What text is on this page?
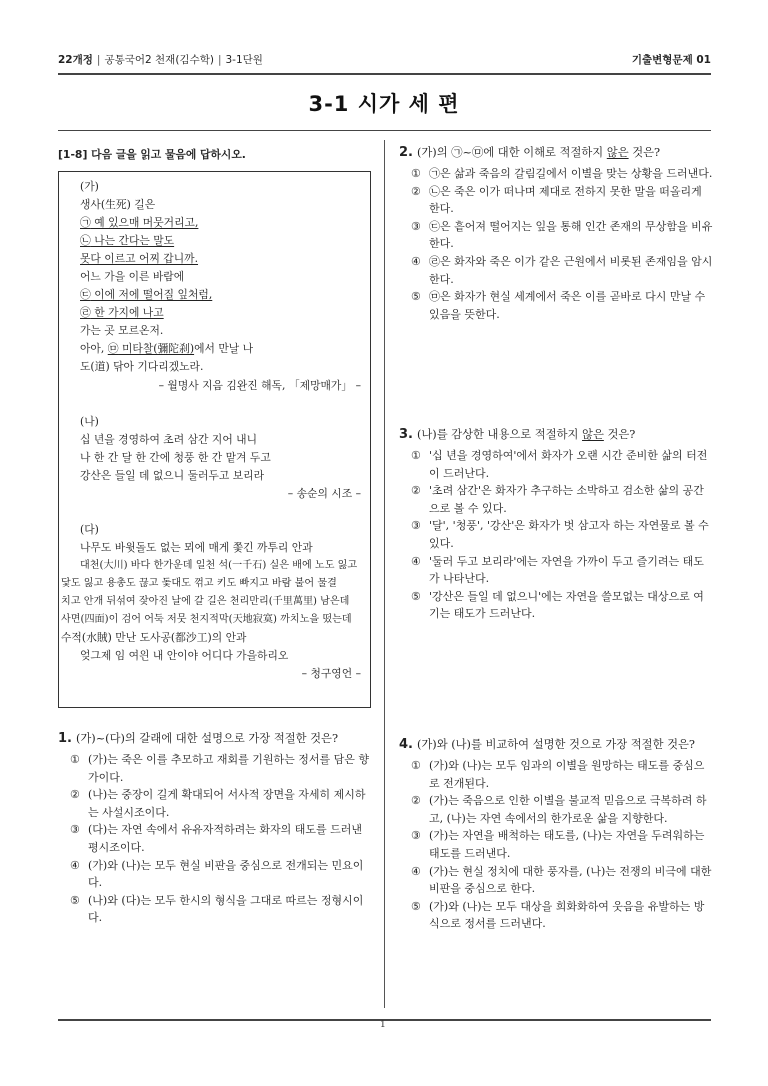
22개정 | 공통국어2 천재(김수학) | 3-1단원	기출변형문제 01
3-1 시가 세 편
[1-8] 다음 글을 읽고 물음에 답하시오.
(가)
생사(生死) 길은
㉠ 예 있으매 머뭇거리고,
㉡ 나는 간다는 말도
못다 이르고 어찌 갑니까.
어느 가을 이른 바람에
㉢ 이에 저에 떨어질 잎처럼,
㉣ 한 가지에 나고
가는 곳 모르온저.
아아, ㉤ 미타찰(彌陀刹)에서 만날 나
도(道) 닦아 기다리겠노라.
– 월명사 지음 김완진 해독, 「제망매가」 –
(나)
십 년을 경영하여 초려 삼간 지어 내니
나 한 간 달 한 간에 청풍 한 간 맡겨 두고
강산은 들일 데 없으니 둘러두고 보리라
– 송순의 시조 –
(다)
나무도 바윗돌도 없는 뫼에 매게 쫓긴 까투리 안과
대천(大川) 바다 한가운데 일천 석(一千石) 실은 배에 노도 잃고
닻도 잃고 용총도 끊고 돛대도 꺾고 키도 빠지고 바람 불어 물결
치고 안개 뒤섞여 잦아진 날에 갈 길은 천리만리(千里萬里) 남은데
사면(四面)이 검어 어둑 저뭇 천지적막(天地寂寞) 까치노을 떴는데
수적(水賊) 만난 도사공(都沙工)의 안과
엊그제 임 여읜 내 안이야 어디다 가을하리오
– 청구영언 –
1. (가)~(다)의 갈래에 대한 설명으로 가장 적절한 것은?
① (가)는 죽은 이를 추모하고 재회를 기원하는 정서를 담은 향가이다.
② (나)는 중장이 길게 확대되어 서사적 장면을 자세히 제시하는 사설시조이다.
③ (다)는 자연 속에서 유유자적하려는 화자의 태도를 드러낸 평시조이다.
④ (가)와 (나)는 모두 현실 비판을 중심으로 전개되는 민요이다.
⑤ (나)와 (다)는 모두 한시의 형식을 그대로 따르는 정형시이다.
2. (가)의 ㉠~㉤에 대한 이해로 적절하지 않은 것은?
① ㉠은 삶과 죽음의 갈림길에서 이별을 맞는 상황을 드러낸다.
② ㉡은 죽은 이가 떠나며 제대로 전하지 못한 말을 떠올리게 한다.
③ ㉢은 흩어져 떨어지는 잎을 통해 인간 존재의 무상함을 비유한다.
④ ㉣은 화자와 죽은 이가 같은 근원에서 비롯된 존재임을 암시한다.
⑤ ㉤은 화자가 현실 세계에서 죽은 이를 곧바로 다시 만날 수 있음을 뜻한다.
3. (나)를 감상한 내용으로 적절하지 않은 것은?
① '십 년을 경영하여'에서 화자가 오랜 시간 준비한 삶의 터전이 드러난다.
② '초려 삼간'은 화자가 추구하는 소박하고 검소한 삶의 공간으로 볼 수 있다.
③ '달', '청풍', '강산'은 화자가 벗 삼고자 하는 자연물로 볼 수 있다.
④ '둘러 두고 보리라'에는 자연을 가까이 두고 즐기려는 태도가 나타난다.
⑤ '강산은 들일 데 없으니'에는 자연을 쓸모없는 대상으로 여기는 태도가 드러난다.
4. (가)와 (나)를 비교하여 설명한 것으로 가장 적절한 것은?
① (가)와 (나)는 모두 임과의 이별을 원망하는 태도를 중심으로 전개된다.
② (가)는 죽음으로 인한 이별을 불교적 믿음으로 극복하려 하고, (나)는 자연 속에서의 한가로운 삶을 지향한다.
③ (가)는 자연을 배척하는 태도를, (나)는 자연을 두려워하는 태도를 드러낸다.
④ (가)는 현실 정치에 대한 풍자를, (나)는 전쟁의 비극에 대한 비판을 중심으로 한다.
⑤ (가)와 (나)는 모두 대상을 희화화하여 웃음을 유발하는 방식으로 정서를 드러낸다.
1
